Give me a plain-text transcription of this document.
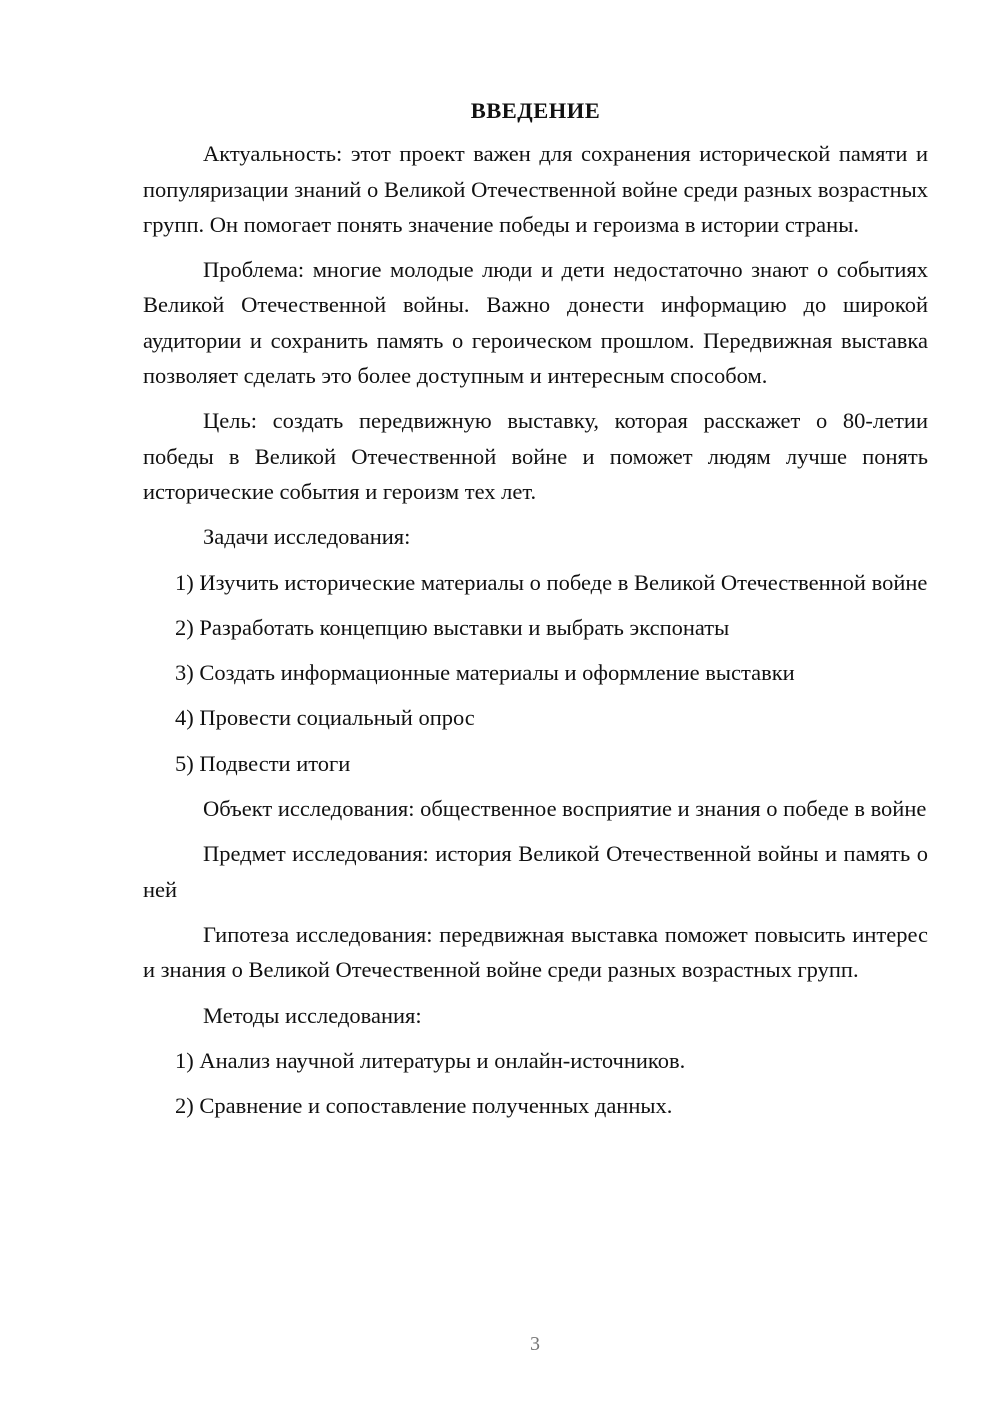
ВВЕДЕНИЕ
Актуальность: этот проект важен для сохранения исторической памяти и популяризации знаний о Великой Отечественной войне среди разных возрастных групп. Он помогает понять значение победы и героизма в истории страны.
Проблема: многие молодые люди и дети недостаточно знают о событиях Великой Отечественной войны. Важно донести информацию до широкой аудитории и сохранить память о героическом прошлом. Передвижная выставка позволяет сделать это более доступным и интересным способом.
Цель: создать передвижную выставку, которая расскажет о 80-летии победы в Великой Отечественной войне и поможет людям лучше понять исторические события и героизм тех лет.
Задачи исследования:
1) Изучить исторические материалы о победе в Великой Отечественной войне
2) Разработать концепцию выставки и выбрать экспонаты
3) Создать информационные материалы и оформление выставки
4) Провести социальный опрос
5) Подвести итоги
Объект исследования: общественное восприятие и знания о победе в войне
Предмет исследования: история Великой Отечественной войны и память о ней
Гипотеза исследования: передвижная выставка поможет повысить интерес и знания о Великой Отечественной войне среди разных возрастных групп.
Методы исследования:
1) Анализ научной литературы и онлайн-источников.
2) Сравнение и сопоставление полученных данных.
3
